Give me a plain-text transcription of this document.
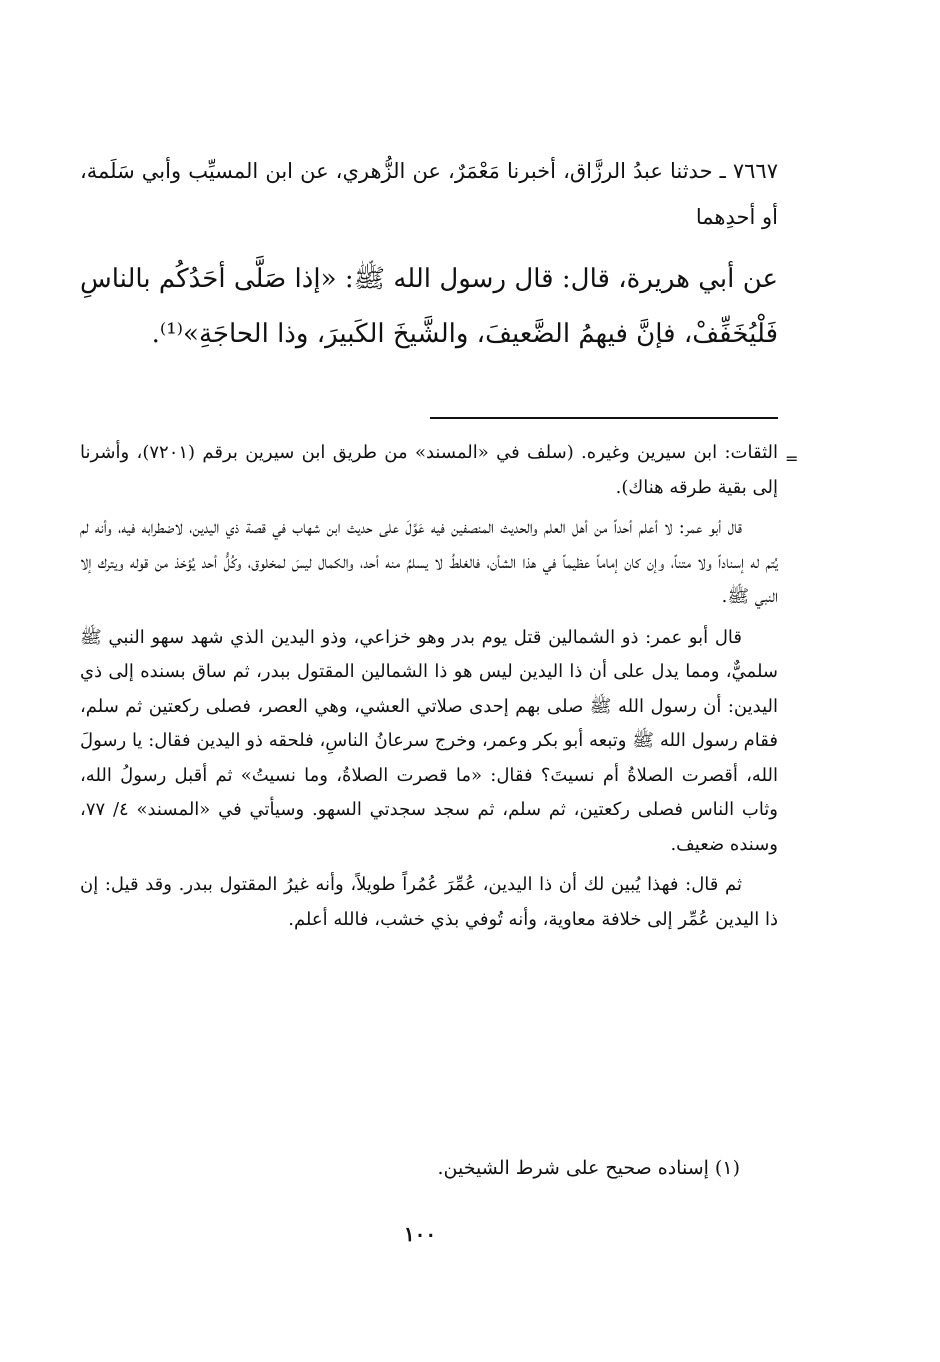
٧٦٦٧ ـ حدثنا عبدُ الرزَّاق، أخبرنا مَعْمَرٌ، عن الزُّهري، عن ابن المسيِّب وأبي سَلَمة، أو أحدِهما
عن أبي هريرة، قال: قال رسول الله ﷺ: «إذا صَلَّى أحَدُكُم بالناسِ فَلْيُخَفِّفْ، فإنَّ فيهمُ الضَّعيفَ، والشَّيخَ الكَبيرَ، وذا الحاجَةِ»⁽¹⁾.
=

الثقات: ابن سيرين وغيره. (سلف في «المسند» من طريق ابن سيرين برقم (٧٢٠١)، وأشرنا إلى بقية طرقه هناك).

قال أبو عمر: لا أعلم أحداً من أهل العلم والحديث المنصفين فيه عَوَّلَ على حديث ابن شهاب في قصة ذي اليدين، لاضطرابه فيه، وأنه لم يُتم له إسناداً ولا متناً، وإن كان إماماً عظيماً في هذا الشأن، فالغلطُ لا يسلمُ منه أحد، والكمال ليسَ لمخلوق، وكُلُّ أحد يُؤخذ من قوله ويترك إلا النبي ﷺ.

قال أبو عمر: ذو الشمالين قتل يوم بدر وهو خزاعي، وذو اليدين الذي شهد سهو النبي ﷺ سلميٌّ، ومما يدل على أن ذا اليدين ليس هو ذا الشمالين المقتول ببدر، ثم ساق بسنده إلى ذي اليدين: أن رسول الله ﷺ صلى بهم إحدى صلاتي العشي، وهي العصر، فصلى ركعتين ثم سلم، فقام رسول الله ﷺ وتبعه أبو بكر وعمر، وخرج سرعانُ الناسِ، فلحقه ذو اليدين فقال: يا رسولَ الله، أقصرت الصلاةُ أم نسيتَ؟ فقال: «ما قصرت الصلاةُ، وما نسيتُ» ثم أقبل رسولُ الله، وثاب الناس فصلى ركعتين، ثم سلم، ثم سجد سجدتي السهو. وسيأتي في «المسند» ٤/ ٧٧، وسنده ضعيف.

ثم قال: فهذا يُبين لك أن ذا اليدين، عُمِّرَ عُمُراً طويلاً، وأنه غيرُ المقتول ببدر. وقد قيل: إن ذا اليدين عُمِّر إلى خلافة معاوية، وأنه تُوفي بذي خشب، فالله أعلم.

(١) إسناده صحيح على شرط الشيخين.
١٠٠
